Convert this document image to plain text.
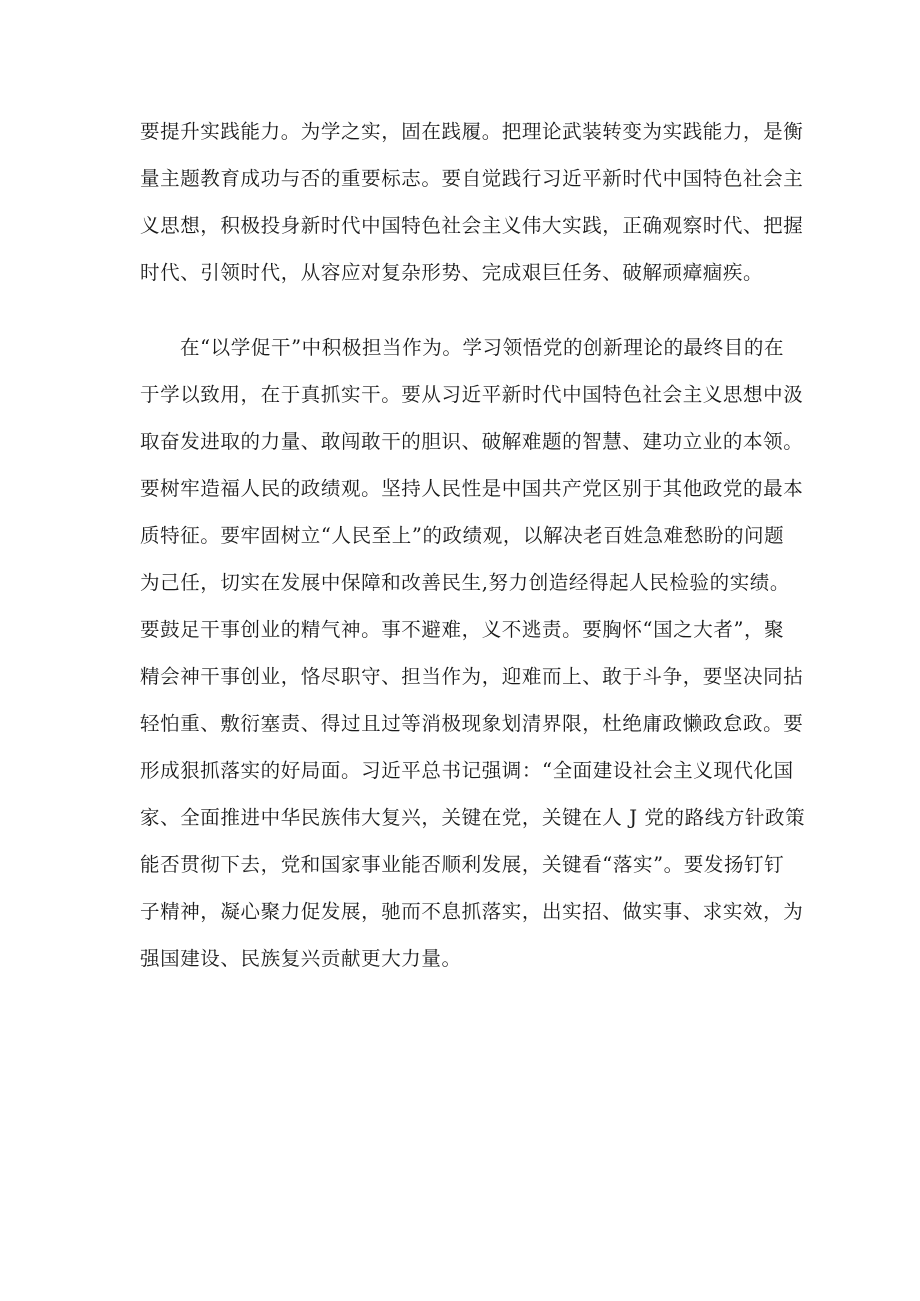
要提升实践能力。为学之实，固在践履。把理论武装转变为实践能力，是衡
量主题教育成功与否的重要标志。要自觉践行习近平新时代中国特色社会主
义思想，积极投身新时代中国特色社会主义伟大实践，正确观察时代、把握
时代、引领时代，从容应对复杂形势、完成艰巨任务、破解顽瘴痼疾。
在“以学促干”中积极担当作为。学习领悟党的创新理论的最终目的在
于学以致用，在于真抓实干。要从习近平新时代中国特色社会主义思想中汲
取奋发进取的力量、敢闯敢干的胆识、破解难题的智慧、建功立业的本领。
要树牢造福人民的政绩观。坚持人民性是中国共产党区别于其他政党的最本
质特征。要牢固树立“人民至上”的政绩观，以解决老百姓急难愁盼的问题
为己任，切实在发展中保障和改善民生,努力创造经得起人民检验的实绩。
要鼓足干事创业的精气神。事不避难，义不逃责。要胸怀“国之大者”，聚
精会神干事创业，恪尽职守、担当作为，迎难而上、敢于斗争，要坚决同拈
轻怕重、敷衍塞责、得过且过等消极现象划清界限，杜绝庸政懒政怠政。要
形成狠抓落实的好局面。习近平总书记强调：“全面建设社会主义现代化国
家、全面推进中华民族伟大复兴，关键在党，关键在人 J 党的路线方针政策
能否贯彻下去，党和国家事业能否顺利发展，关键看“落实”。要发扬钉钉
子精神，凝心聚力促发展，驰而不息抓落实，出实招、做实事、求实效，为
强国建设、民族复兴贡献更大力量。
